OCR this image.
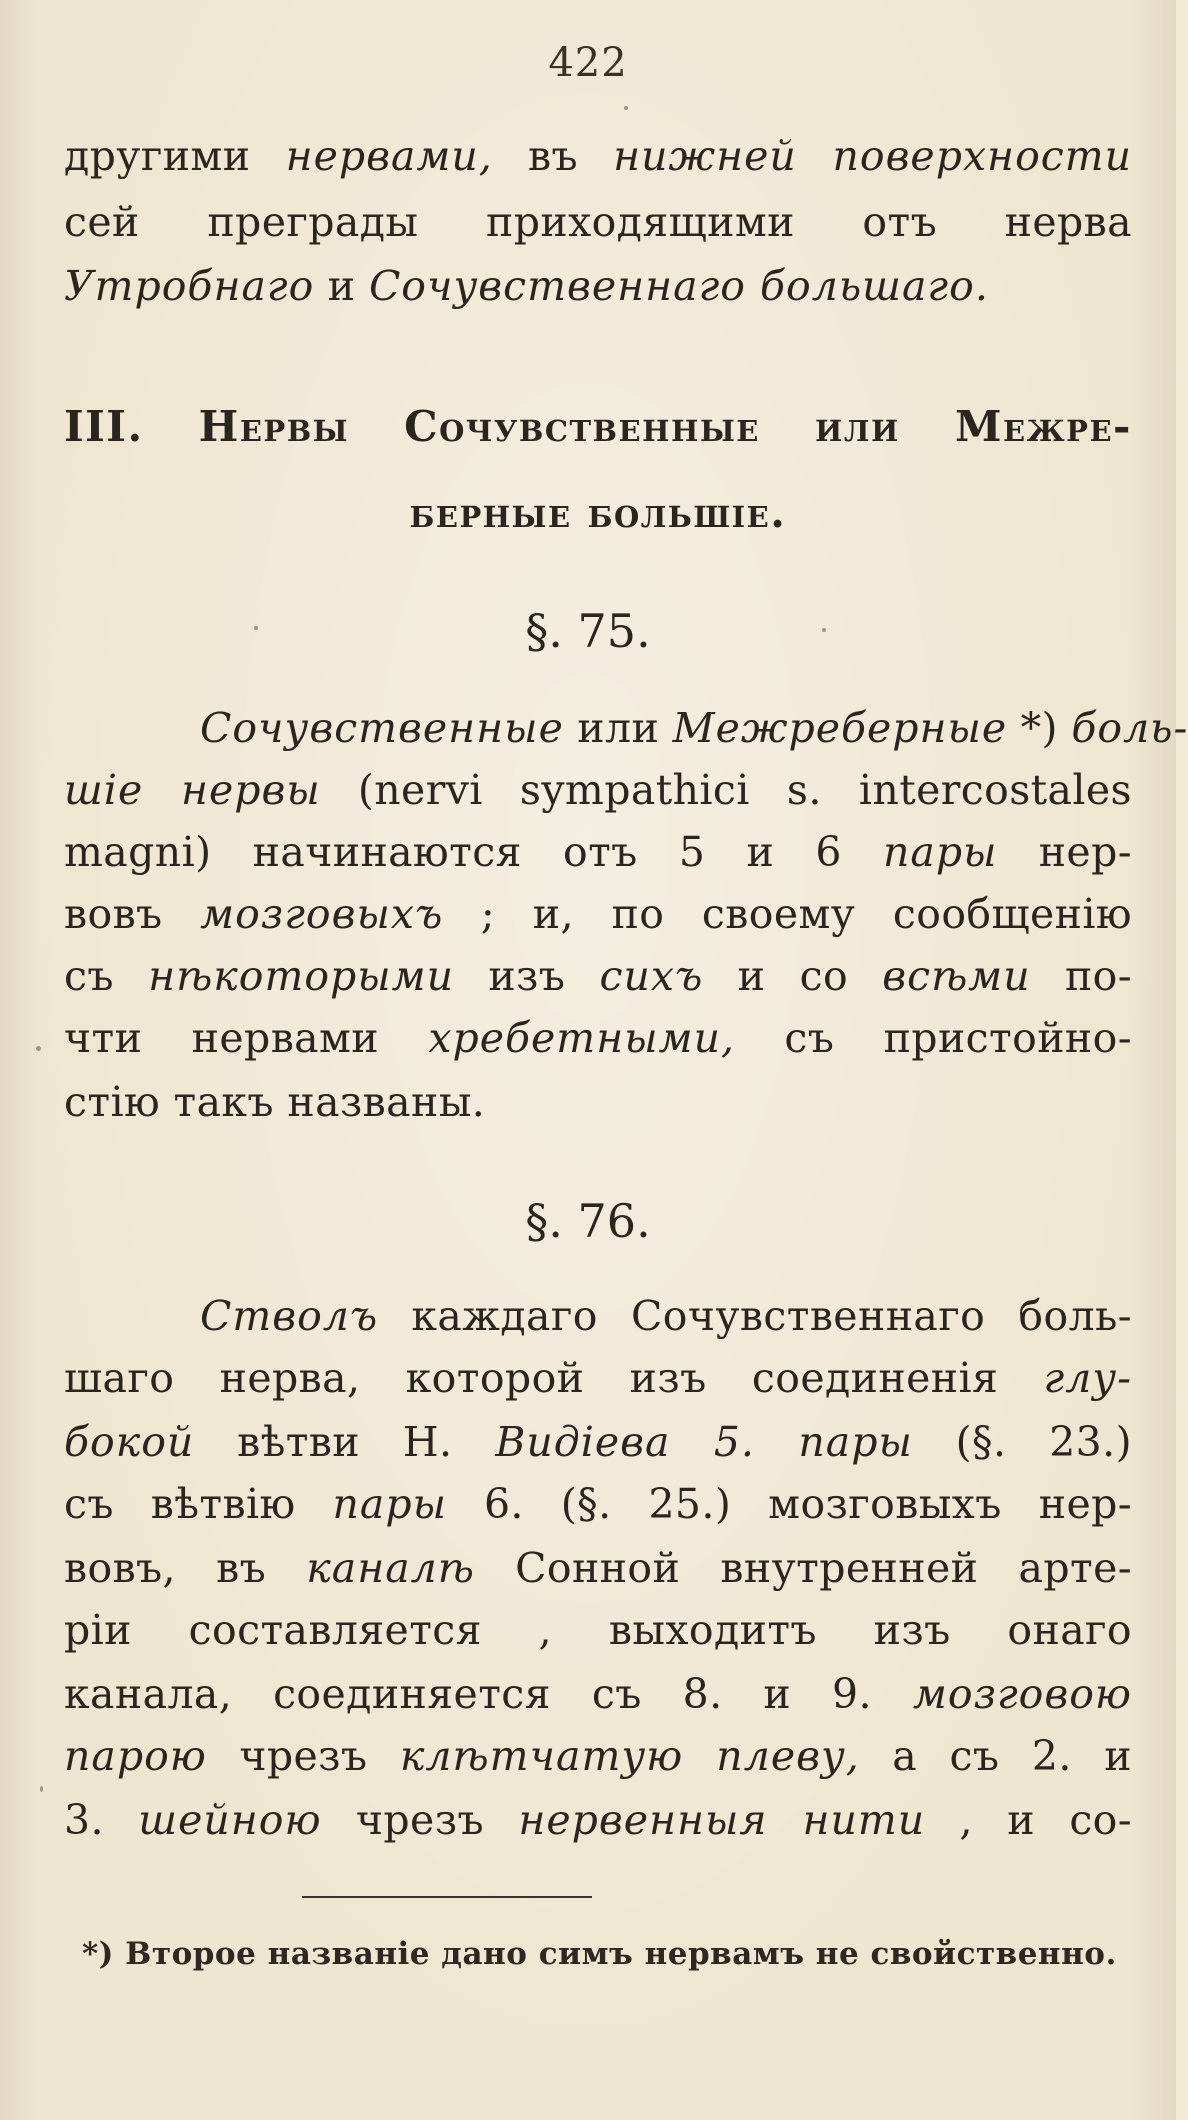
422
другими нервами, въ нижней поверхности
сей преграды приходящими отъ нерва
Утробнаго и Сочувственнаго большаго.
III. Нервы Сочувственные или Межре-
берные большіе.
§. 75.
Сочувственные или Межреберные *) боль-
шіе нервы (nervi sympathici s. intercostales
magni) начинаются отъ 5 и 6 пары нер-
вовъ мозговыхъ ; и, по своему сообщенію
съ нѣкоторыми изъ сихъ и со всѣми по-
чти нервами хребетными, съ пристойно-
стію такъ названы.
§. 76.
Стволъ каждаго Сочувственнаго боль-
шаго нерва, которой изъ соединенія глу-
бокой вѣтви Н. Видіева 5. пары (§. 23.)
съ вѣтвію пары 6. (§. 25.) мозговыхъ нер-
вовъ, въ каналѣ Сонной внутренней арте-
ріи составляется , выходитъ изъ онаго
канала, соединяется съ 8. и 9. мозговою
парою чрезъ клѣтчатую плеву, а съ 2. и
3. шейною чрезъ нервенныя нити , и со-
*) Второе названіе дано симъ нервамъ не свойственно.
